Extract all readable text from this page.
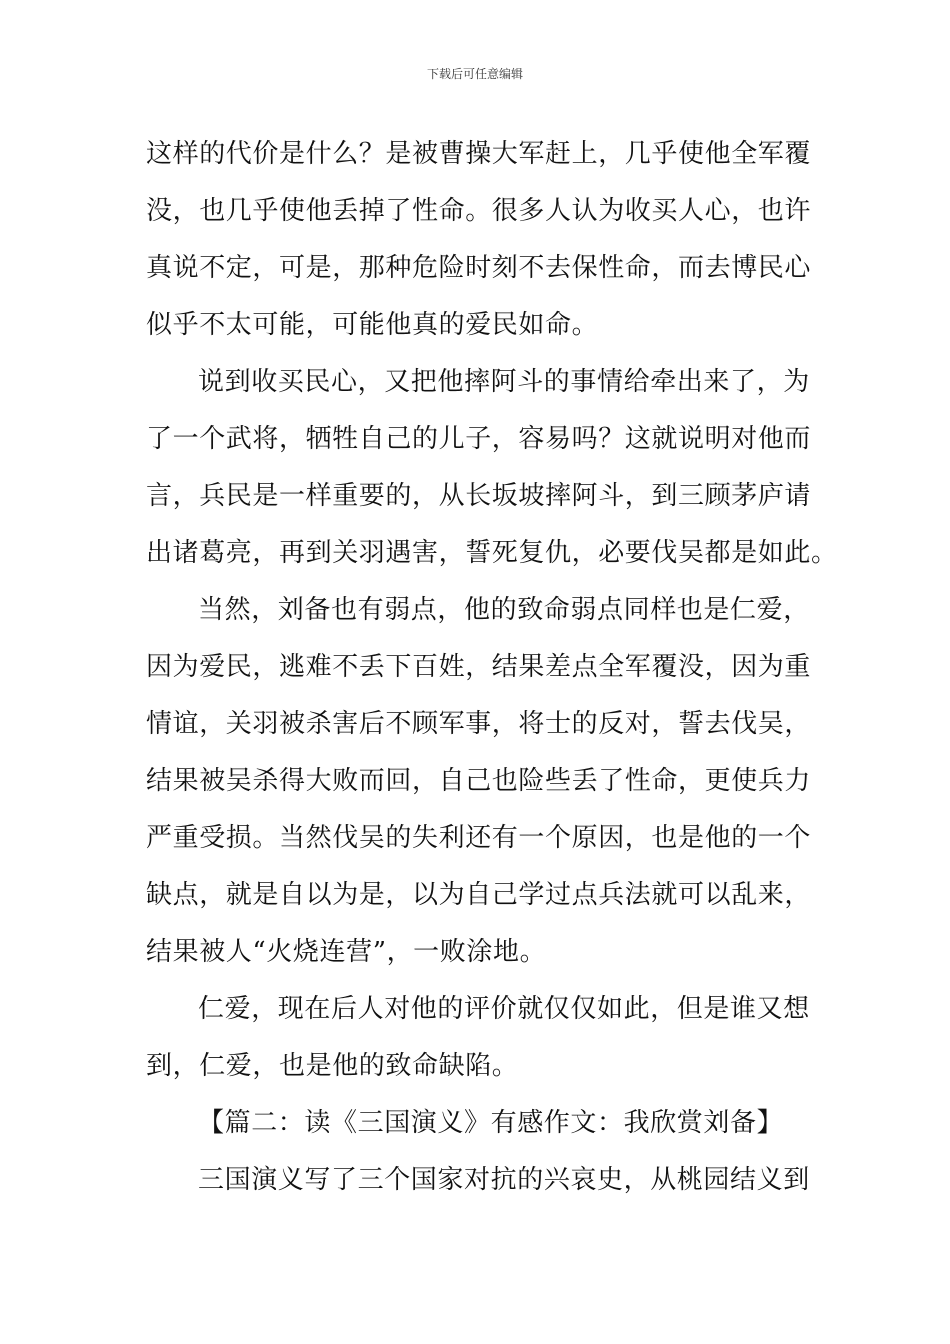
下载后可任意编辑
这样的代价是什么？是被曹操大军赶上，几乎使他全军覆
没，也几乎使他丢掉了性命。很多人认为收买人心，也许
真说不定，可是，那种危险时刻不去保性命，而去博民心
似乎不太可能，可能他真的爱民如命。
说到收买民心，又把他摔阿斗的事情给牵出来了，为
了一个武将，牺牲自己的儿子，容易吗？这就说明对他而
言，兵民是一样重要的，从长坂坡摔阿斗，到三顾茅庐请
出诸葛亮，再到关羽遇害，誓死复仇，必要伐吴都是如此。
当然，刘备也有弱点，他的致命弱点同样也是仁爱，
因为爱民，逃难不丢下百姓，结果差点全军覆没，因为重
情谊，关羽被杀害后不顾军事，将士的反对，誓去伐吴，
结果被吴杀得大败而回，自己也险些丢了性命，更使兵力
严重受损。当然伐吴的失利还有一个原因，也是他的一个
缺点，就是自以为是，以为自己学过点兵法就可以乱来，
结果被人“火烧连营”，一败涂地。
仁爱，现在后人对他的评价就仅仅如此，但是谁又想
到，仁爱，也是他的致命缺陷。
【篇二：读《三国演义》有感作文：我欣赏刘备】
三国演义写了三个国家对抗的兴哀史，从桃园结义到
